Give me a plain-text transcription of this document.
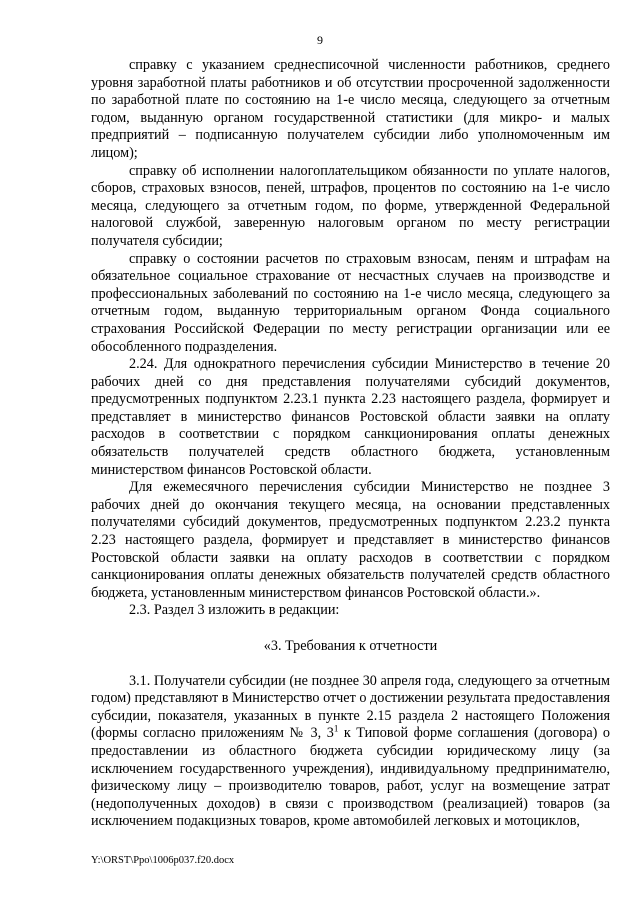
9

справку с указанием среднесписочной численности работников, среднего уровня заработной платы работников и об отсутствии просроченной задолженности по заработной плате по состоянию на 1-е число месяца, следующего за отчетным годом, выданную органом государственной статистики (для микро- и малых предприятий – подписанную получателем субсидии либо уполномоченным им лицом);

справку об исполнении налогоплательщиком обязанности по уплате налогов, сборов, страховых взносов, пеней, штрафов, процентов по состоянию на 1-е число месяца, следующего за отчетным годом, по форме, утвержденной Федеральной налоговой службой, заверенную налоговым органом по месту регистрации получателя субсидии;

справку о состоянии расчетов по страховым взносам, пеням и штрафам на обязательное социальное страхование от несчастных случаев на производстве и профессиональных заболеваний по состоянию на 1-е число месяца, следующего за отчетным годом, выданную территориальным органом Фонда социального страхования Российской Федерации по месту регистрации организации или ее обособленного подразделения.

2.24. Для однократного перечисления субсидии Министерство в течение 20 рабочих дней со дня представления получателями субсидий документов, предусмотренных подпунктом 2.23.1 пункта 2.23 настоящего раздела, формирует и представляет в министерство финансов Ростовской области заявки на оплату расходов в соответствии с порядком санкционирования оплаты денежных обязательств получателей средств областного бюджета, установленным министерством финансов Ростовской области.

Для ежемесячного перечисления субсидии Министерство не позднее 3 рабочих дней до окончания текущего месяца, на основании представленных получателями субсидий документов, предусмотренных подпунктом 2.23.2 пункта 2.23 настоящего раздела, формирует и представляет в министерство финансов Ростовской области заявки на оплату расходов в соответствии с порядком санкционирования оплаты денежных обязательств получателей средств областного бюджета, установленным министерством финансов Ростовской области.».

2.3. Раздел 3 изложить в редакции:

«3. Требования к отчетности

3.1. Получатели субсидии (не позднее 30 апреля года, следующего за отчетным годом) представляют в Министерство отчет о достижении результата предоставления субсидии, показателя, указанных в пункте 2.15 раздела 2 настоящего Положения (формы согласно приложениям № 3, $3^1$ к Типовой форме соглашения (договора) о предоставлении из областного бюджета субсидии юридическому лицу (за исключением государственного учреждения), индивидуальному предпринимателю, физическому лицу – производителю товаров, работ, услуг на возмещение затрат (недополученных доходов) в связи с производством (реализацией) товаров (за исключением подакцизных товаров, кроме автомобилей легковых и мотоциклов,

Y:\ORST\Ppo\1006p037.f20.docx
